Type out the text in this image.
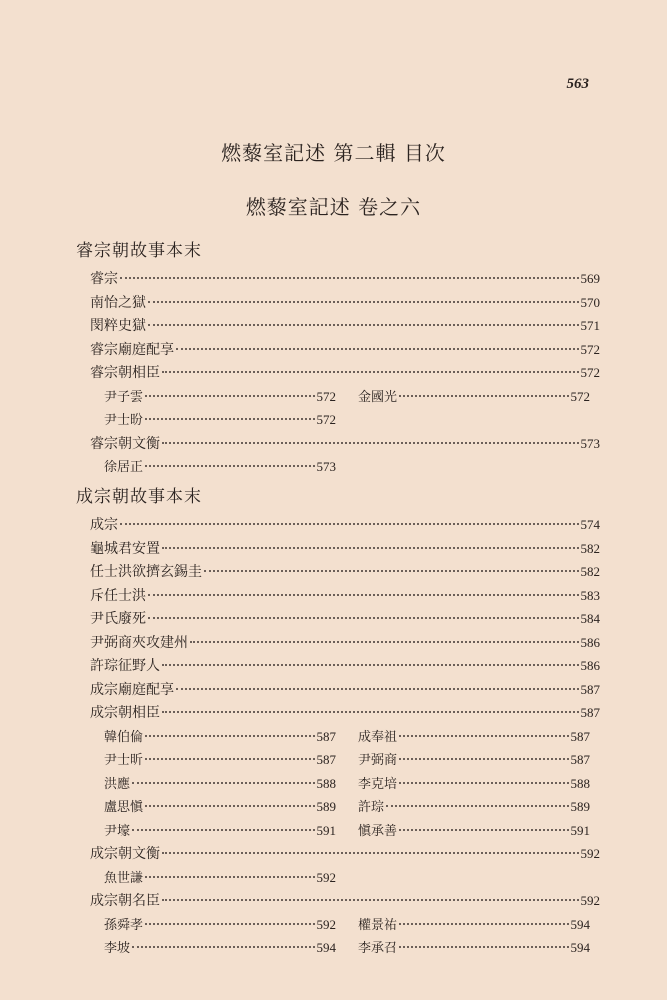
563
燃藜室記述 第二輯 目次
燃藜室記述 卷之六
睿宗朝故事本末
睿宗	569
南怡之獄	570
閔粹史獄	571
睿宗廟庭配享	572
睿宗朝相臣	572
尹子雲	572 金國光	572
尹士昐	572
睿宗朝文衡	573
徐居正	573
成宗朝故事本末
成宗	574
龜城君安置	582
任士洪欲擠玄錫圭	582
斥任士洪	583
尹氏廢死	584
尹弼商夾攻建州	586
許琮征野人	586
成宗廟庭配享	587
成宗朝相臣	587
韓伯倫	587 成奉祖	587
尹士昕	587 尹弼商	587
洪應	588 李克培	588
盧思愼	589 許琮	589
尹壕	591 愼承善	591
成宗朝文衡	592
魚世謙	592
成宗朝名臣	592
孫舜孝	592 權景祐	594
李坡	594 李承召	594
